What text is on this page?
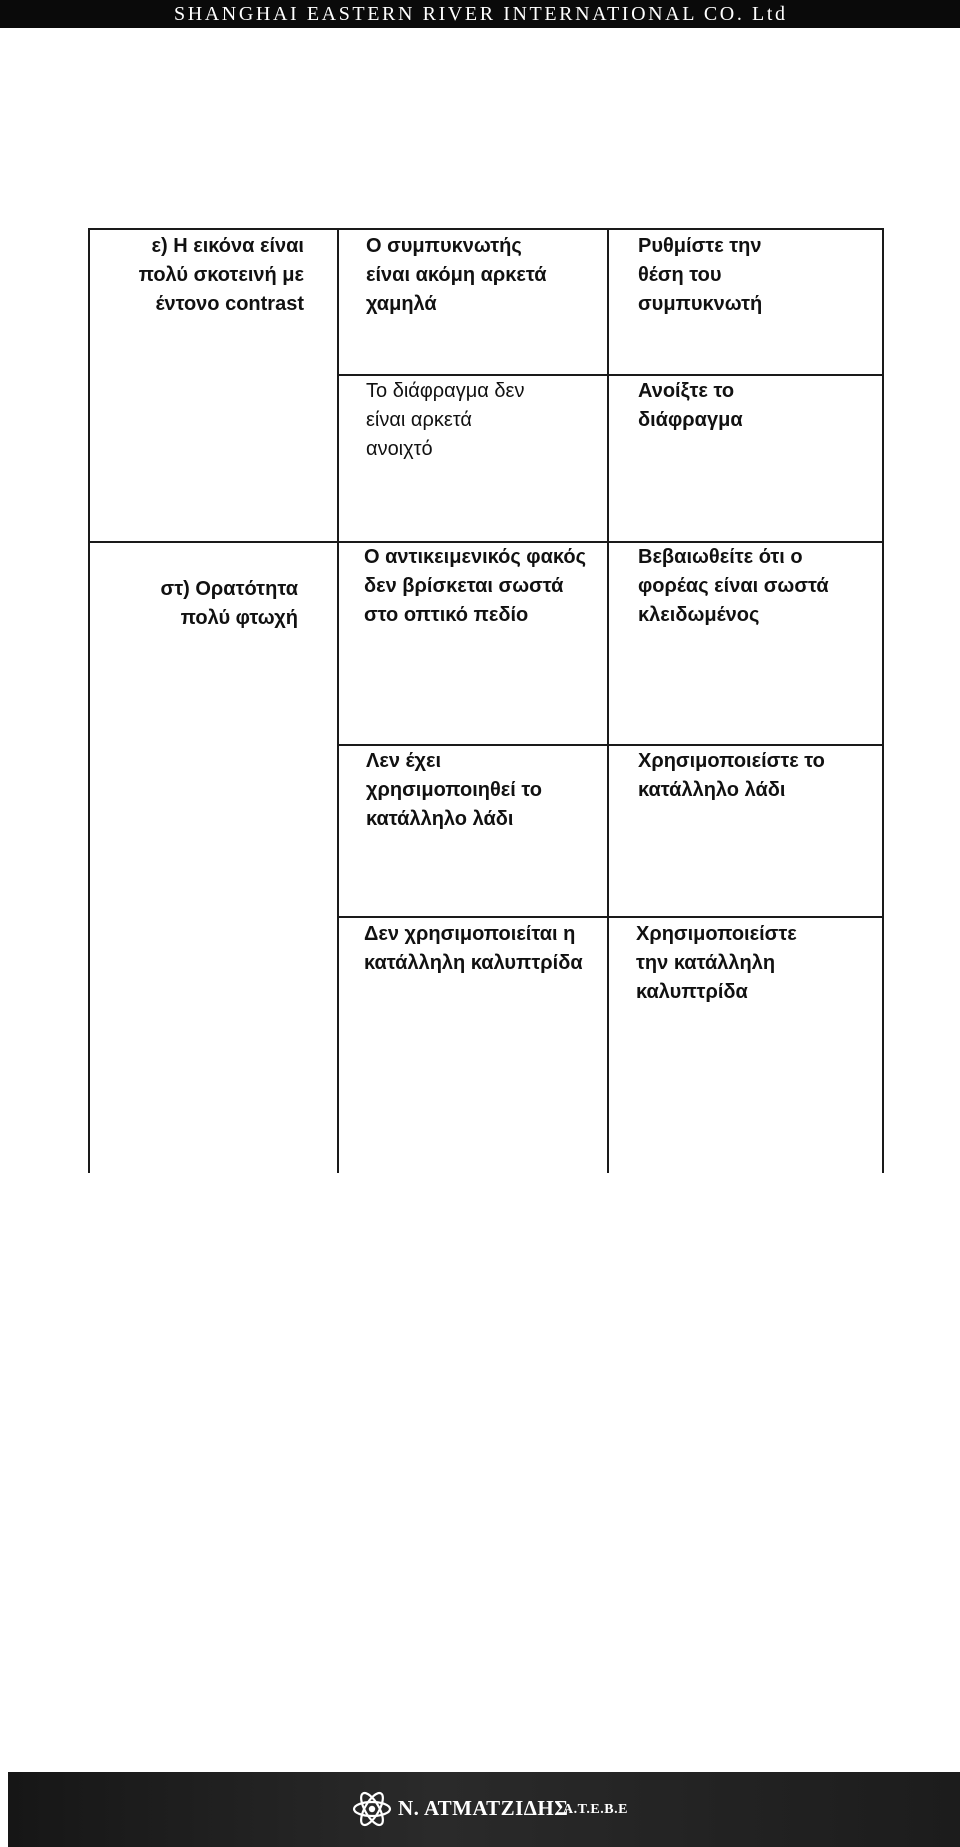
SHANGHAI EASTERN RIVER INTERNATIONAL CO. Ltd
ε) Η εικόνα είναι
πολύ σκοτεινή με
έντονο contrast
Ο συμπυκνωτής
είναι ακόμη αρκετά
χαμηλά
Ρυθμίστε την
θέση του
συμπυκνωτή
Το διάφραγμα δεν
είναι αρκετά
ανοιχτό
Ανοίξτε το
διάφραγμα
στ) Ορατότητα
πολύ φτωχή
Ο αντικειμενικός φακός
δεν βρίσκεται σωστά
στο οπτικό πεδίο
Βεβαιωθείτε ότι ο
φορέας είναι σωστά
κλειδωμένος
Λεν έχει
χρησιμοποιηθεί το
κατάλληλο λάδι
Χρησιμοποιείστε το
κατάλληλο λάδι
Δεν χρησιμοποιείται η
κατάλληλη καλυπτρίδα
Χρησιμοποιείστε
την κατάλληλη
καλυπτρίδα
Ν. ΑΤΜΑΤΖΙΔΗΣ
Α.Τ.Ε.Β.Ε
